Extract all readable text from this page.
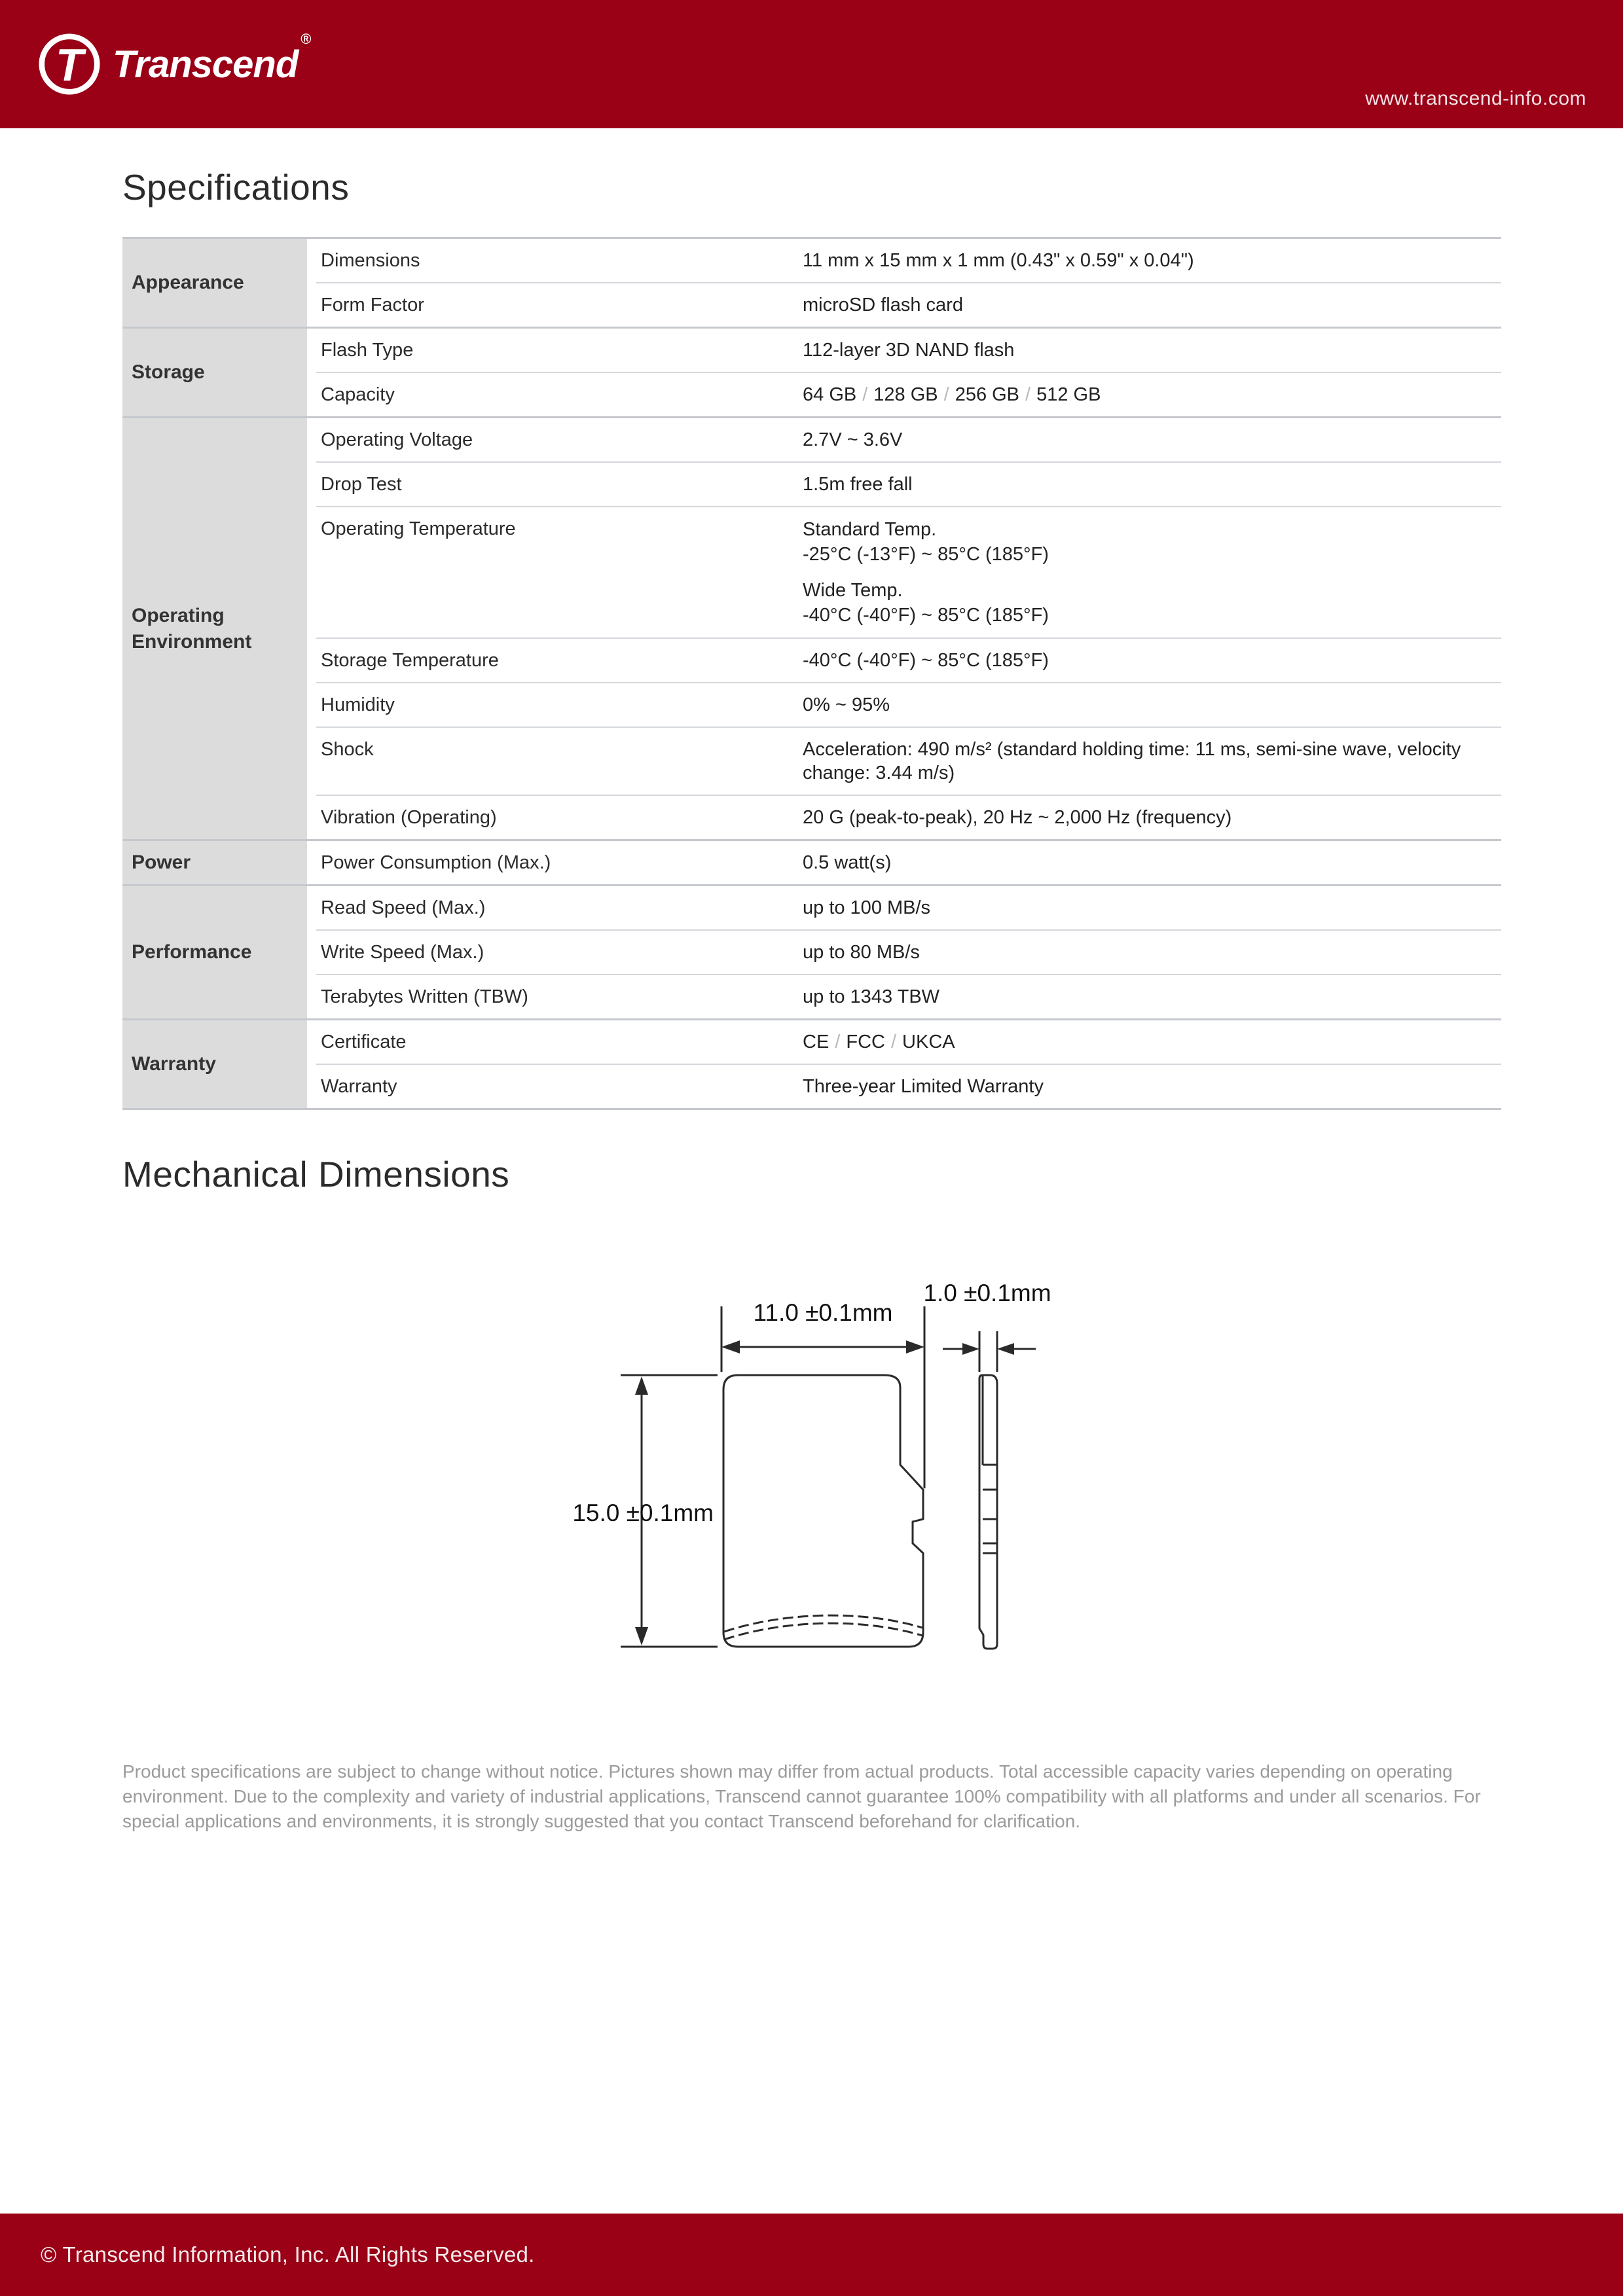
T Transcend®
www.transcend-info.com
Specifications
Appearance
Dimensions	11 mm x 15 mm x 1 mm (0.43" x 0.59" x 0.04")
Form Factor	microSD flash card
Storage
Flash Type	112-layer 3D NAND flash
Capacity	64 GB / 128 GB / 256 GB / 512 GB
Operating Environment
Operating Voltage	2.7V ~ 3.6V
Drop Test	1.5m free fall
Operating Temperature	Standard Temp.
-25°C (-13°F) ~ 85°C (185°F)
Wide Temp.
-40°C (-40°F) ~ 85°C (185°F)
Storage Temperature	-40°C (-40°F) ~ 85°C (185°F)
Humidity	0% ~ 95%
Shock	Acceleration: 490 m/s² (standard holding time: 11 ms, semi-sine wave, velocity change: 3.44 m/s)
Vibration (Operating)	20 G (peak-to-peak), 20 Hz ~ 2,000 Hz (frequency)
Power	Power Consumption (Max.)	0.5 watt(s)
Performance
Read Speed (Max.)	up to 100 MB/s
Write Speed (Max.)	up to 80 MB/s
Terabytes Written (TBW)	up to 1343 TBW
Warranty
Certificate	CE / FCC / UKCA
Warranty	Three-year Limited Warranty
Mechanical Dimensions
11.0 ±0.1mm
15.0 ±0.1mm
1.0 ±0.1mm

Product specifications are subject to change without notice. Pictures shown may differ from actual products. Total accessible capacity varies depending on operating environment. Due to the complexity and variety of industrial applications, Transcend cannot guarantee 100% compatibility with all platforms and under all scenarios. For special applications and environments, it is strongly suggested that you contact Transcend beforehand for clarification.

© Transcend Information, Inc. All Rights Reserved.
